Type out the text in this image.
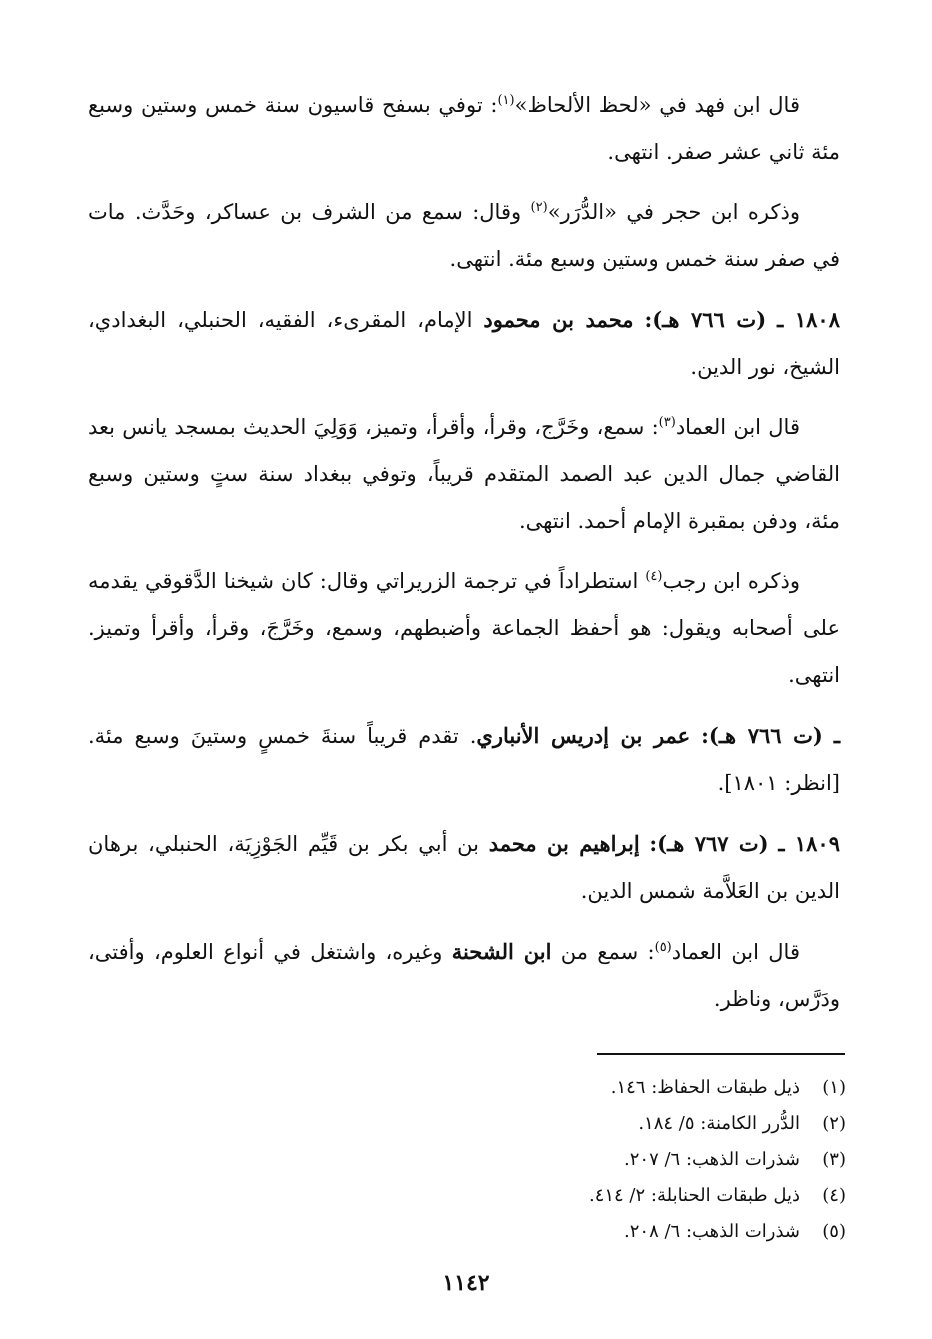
قال ابن فهد في «لحظ الألحاظ»$^{(١)}$: توفي بسفح قاسيون سنة خمس وستين وسبع مئة ثاني عشر صفر. انتهى.

وذكره ابن حجر في «الدُّرَر»$^{(٢)}$ وقال: سمع من الشرف بن عساكر، وحَدَّث. مات في صفر سنة خمس وستين وسبع مئة. انتهى.

١٨٠٨ ـ (ت ٧٦٦ هـ): محمد بن محمود الإمام، المقرىء، الفقيه، الحنبلي، البغدادي، الشيخ، نور الدين.

قال ابن العماد$^{(٣)}$: سمع، وخَرَّج، وقرأ، وأقرأ، وتميز، وَوَلِيَ الحديث بمسجد يانس بعد القاضي جمال الدين عبد الصمد المتقدم قريباً، وتوفي ببغداد سنة ستٍ وستين وسبع مئة، ودفن بمقبرة الإمام أحمد. انتهى.

وذكره ابن رجب$^{(٤)}$ استطراداً في ترجمة الزريراتي وقال: كان شيخنا الدَّقوقي يقدمه على أصحابه ويقول: هو أحفظ الجماعة وأضبطهم، وسمع، وخَرَّجَ، وقرأ، وأقرأ وتميز. انتهى.

ـ (ت ٧٦٦ هـ): عمر بن إدريس الأنباري. تقدم قريباً سنةَ خمسٍ وستينَ وسبع مئة. [انظر: ١٨٠١].

١٨٠٩ ـ (ت ٧٦٧ هـ): إبراهيم بن محمد بن أبي بكر بن قَيِّم الجَوْزِيَة، الحنبلي، برهان الدين بن العَلاَّمة شمس الدين.

قال ابن العماد$^{(٥)}$: سمع من ابن الشحنة وغيره، واشتغل في أنواع العلوم، وأفتى، ودَرَّس، وناظر.

(١)
ذيل طبقات الحفاظ: ١٤٦.
(٢)
الدُّرر الكامنة: ٥/ ١٨٤.
(٣)
شذرات الذهب: ٦/ ٢٠٧.
(٤)
ذيل طبقات الحنابلة: ٢/ ٤١٤.
(٥)
شذرات الذهب: ٦/ ٢٠٨.
١١٤٢
